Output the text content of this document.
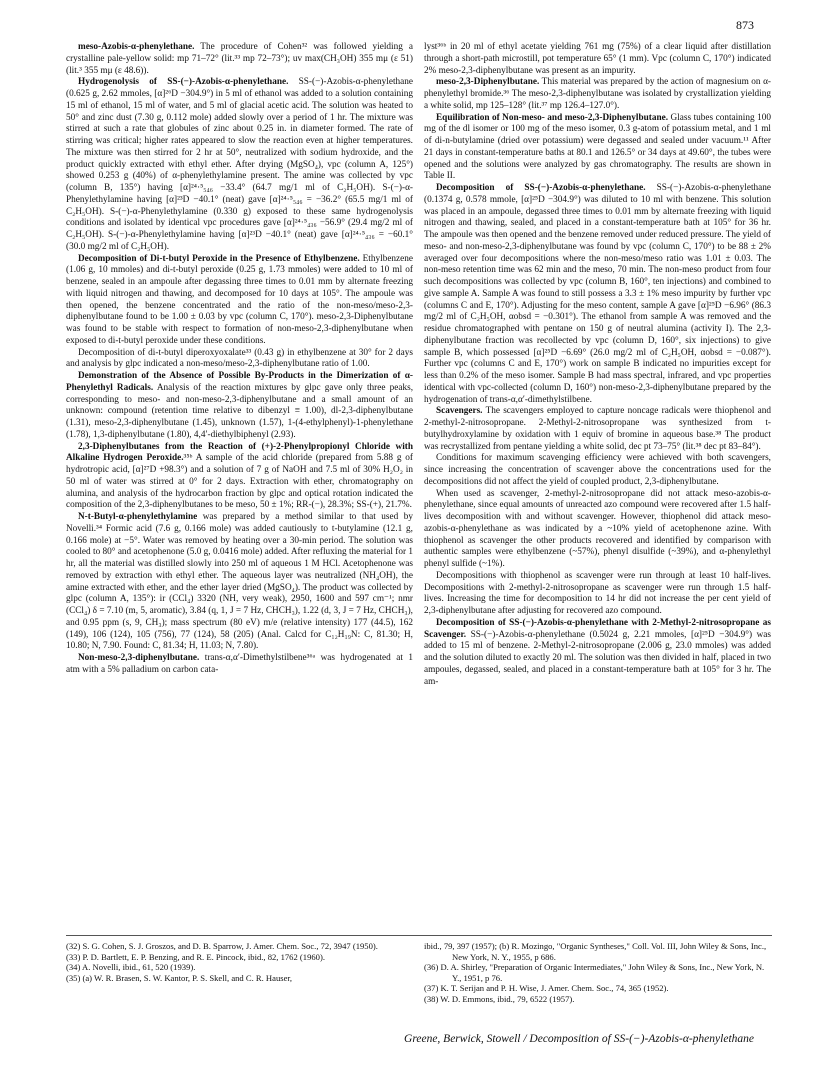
873

meso-Azobis-α-phenylethane. The procedure of Cohen³² was followed yielding a crystalline pale-yellow solid: mp 71–72° (lit.³³ mp 72–73°); uv max(CH₃OH) 355 mμ (ε 51) (lit.³ 355 mμ (ε 48.6)).

Hydrogenolysis of SS-(−)-Azobis-α-phenylethane. SS-(−)-Azobis-α-phenylethane (0.625 g, 2.62 mmoles, [α]²⁶D −304.9°) in 5 ml of ethanol was added to a solution containing 15 ml of ethanol, 15 ml of water, and 5 ml of glacial acetic acid. The solution was heated to 50° and zinc dust (7.30 g, 0.112 mole) added slowly over a period of 1 hr. The mixture was stirred at such a rate that globules of zinc about 0.25 in. in diameter formed. The rate of stirring was critical; higher rates appeared to slow the reaction even at higher temperatures. The mixture was then stirred for 2 hr at 50°, neutralized with sodium hydroxide, and the product quickly extracted with ethyl ether. After drying (MgSO₄), vpc (column A, 125°) showed 0.253 g (40%) of α-phenylethylamine present. The amine was collected by vpc (column B, 135°) having [α]²⁴·⁵₅₄₆ −33.4° (64.7 mg/1 ml of C₂H₅OH). S-(−)-α-Phenylethylamine having [α]²³D −40.1° (neat) gave [α]²⁴·⁵₅₄₆ = −36.2° (65.5 mg/1 ml of C₂H₅OH). S-(−)-α-Phenylethylamine (0.330 g) exposed to these same hydrogenolysis conditions and isolated by identical vpc procedures gave [α]²⁴·⁵₄₃₆ −56.9° (29.4 mg/2 ml of C₂H₅OH). S-(−)-α-Phenylethylamine having [α]²³D −40.1° (neat) gave [α]²⁴·⁵₄₃₆ = −60.1° (30.0 mg/2 ml of C₂H₅OH).

Decomposition of Di-t-butyl Peroxide in the Presence of Ethylbenzene. Ethylbenzene (1.06 g, 10 mmoles) and di-t-butyl peroxide (0.25 g, 1.73 mmoles) were added to 10 ml of benzene, sealed in an ampoule after degassing three times to 0.01 mm by alternate freezing with liquid nitrogen and thawing, and decomposed for 10 days at 105°. The ampoule was then opened, the benzene concentrated and the ratio of the non-meso/meso-2,3-diphenylbutane found to be 1.00 ± 0.03 by vpc (column C, 170°). meso-2,3-Diphenylbutane was found to be stable with respect to formation of non-meso-2,3-diphenylbutane when exposed to di-t-butyl peroxide under these conditions.

Decomposition of di-t-butyl diperoxyoxalate³³ (0.43 g) in ethylbenzene at 30° for 2 days and analysis by glpc indicated a non-meso/meso-2,3-diphenylbutane ratio of 1.00.

Demonstration of the Absence of Possible By-Products in the Dimerization of α-Phenylethyl Radicals. Analysis of the reaction mixtures by glpc gave only three peaks, corresponding to meso- and non-meso-2,3-diphenylbutane and a small amount of an unknown: compound (retention time relative to dibenzyl ≡ 1.00), dl-2,3-diphenylbutane (1.31), meso-2,3-diphenylbutane (1.45), unknown (1.57), 1-(4-ethylphenyl)-1-phenylethane (1.78), 1,3-diphenylbutane (1.80), 4,4′-diethylbiphenyl (2.93).

2,3-Diphenylbutanes from the Reaction of (+)-2-Phenylpropionyl Chloride with Alkaline Hydrogen Peroxide.³⁵ᵇ A sample of the acid chloride (prepared from 5.88 g of hydrotropic acid, [α]²⁷D +98.3°) and a solution of 7 g of NaOH and 7.5 ml of 30% H₂O₂ in 50 ml of water was stirred at 0° for 2 days. Extraction with ether, chromatography on alumina, and analysis of the hydrocarbon fraction by glpc and optical rotation indicated the composition of the 2,3-diphenylbutanes to be meso, 50 ± 1%; RR-(−), 28.3%; SS-(+), 21.7%.

N-t-Butyl-α-phenylethylamine was prepared by a method similar to that used by Novelli.³⁴ Formic acid (7.6 g, 0.166 mole) was added cautiously to t-butylamine (12.1 g, 0.166 mole) at −5°. Water was removed by heating over a 30-min period. The solution was cooled to 80° and acetophenone (5.0 g, 0.0416 mole) added. After refluxing the material for 1 hr, all the material was distilled slowly into 250 ml of aqueous 1 M HCl. Acetophenone was removed by extraction with ethyl ether. The aqueous layer was neutralized (NH₄OH), the amine extracted with ether, and the ether layer dried (MgSO₄). The product was collected by glpc (column A, 135°): ir (CCl₄) 3320 (NH, very weak), 2950, 1600 and 597 cm⁻¹; nmr (CCl₄) δ = 7.10 (m, 5, aromatic), 3.84 (q, 1, J = 7 Hz, CHCH₃), 1.22 (d, 3, J = 7 Hz, CHCH₃), and 0.95 ppm (s, 9, CH₃); mass spectrum (80 eV) m/e (relative intensity) 177 (44.5), 162 (149), 106 (124), 105 (756), 77 (124), 58 (205) (Anal. Calcd for C₁₂H₁₉N: C, 81.30; H, 10.80; N, 7.90. Found: C, 81.34; H, 11.03; N, 7.80).

Non-meso-2,3-diphenylbutane. trans-α,α′-Dimethylstilbene³⁶ᵃ was hydrogenated at 1 atm with a 5% palladium on carbon cata-

lyst³⁶ᵇ in 20 ml of ethyl acetate yielding 761 mg (75%) of a clear liquid after distillation through a short-path microstill, pot temperature 65° (1 mm). Vpc (column C, 170°) indicated 2% meso-2,3-diphenylbutane was present as an impurity.

meso-2,3-Diphenylbutane. This material was prepared by the action of magnesium on α-phenylethyl bromide.³⁶ The meso-2,3-diphenylbutane was isolated by crystallization yielding a white solid, mp 125–128° (lit.³⁷ mp 126.4–127.0°).

Equilibration of Non-meso- and meso-2,3-Diphenylbutane. Glass tubes containing 100 mg of the dl isomer or 100 mg of the meso isomer, 0.3 g-atom of potassium metal, and 1 ml of di-n-butylamine (dried over potassium) were degassed and sealed under vacuum.¹¹ After 21 days in constant-temperature baths at 80.1 and 126.5° or 34 days at 49.60°, the tubes were opened and the solutions were analyzed by gas chromatography. The results are shown in Table II.

Decomposition of SS-(−)-Azobis-α-phenylethane. SS-(−)-Azobis-α-phenylethane (0.1374 g, 0.578 mmole, [α]²⁵D −304.9°) was diluted to 10 ml with benzene. This solution was placed in an ampoule, degassed three times to 0.01 mm by alternate freezing with liquid nitrogen and thawing, sealed, and placed in a constant-temperature bath at 105° for 36 hr. The ampoule was then opened and the benzene removed under reduced pressure. The yield of meso- and non-meso-2,3-diphenylbutane was found by vpc (column C, 170°) to be 88 ± 2% averaged over four decompositions where the non-meso/meso ratio was 1.01 ± 0.03. The non-meso retention time was 62 min and the meso, 70 min. The non-meso product from four such decompositions was collected by vpc (column B, 160°, ten injections) and combined to give sample A. Sample A was found to still possess a 3.3 ± 1% meso impurity by further vpc (columns C and E, 170°). Adjusting for the meso content, sample A gave [α]²⁵D −6.96° (86.3 mg/2 ml of C₂H₅OH, αobsd = −0.301°). The ethanol from sample A was removed and the residue chromatographed with pentane on 150 g of neutral alumina (activity I). The 2,3-diphenylbutane fraction was recollected by vpc (column D, 160°, six injections) to give sample B, which possessed [α]²⁵D −6.69° (26.0 mg/2 ml of C₂H₅OH, αobsd = −0.087°). Further vpc (columns C and E, 170°) work on sample B indicated no impurities except for less than 0.2% of the meso isomer. Sample B had mass spectral, infrared, and vpc properties identical with vpc-collected (column D, 160°) non-meso-2,3-diphenylbutane prepared by the hydrogenation of trans-α,α′-dimethylstilbene.

Scavengers. The scavengers employed to capture noncage radicals were thiophenol and 2-methyl-2-nitrosopropane. 2-Methyl-2-nitrosopropane was synthesized from t-butylhydroxylamine by oxidation with 1 equiv of bromine in aqueous base.³⁸ The product was recrystallized from pentane yielding a white solid, dec pt 73–75° (lit.³⁸ dec pt 83–84°).

Conditions for maximum scavenging efficiency were achieved with both scavengers, since increasing the concentration of scavenger above the concentrations used for the decompositions did not affect the yield of coupled product, 2,3-diphenylbutane.

When used as scavenger, 2-methyl-2-nitrosopropane did not attack meso-azobis-α-phenylethane, since equal amounts of unreacted azo compound were recovered after 1.5 half-lives decomposition with and without scavenger. However, thiophenol did attack meso-azobis-α-phenylethane as was indicated by a ~10% yield of acetophenone azine. With thiophenol as scavenger the other products recovered and identified by comparison with authentic samples were ethylbenzene (~57%), phenyl disulfide (~39%), and α-phenylethyl phenyl sulfide (~1%).

Decompositions with thiophenol as scavenger were run through at least 10 half-lives. Decompositions with 2-methyl-2-nitrosopropane as scavenger were run through 1.5 half-lives. Increasing the time for decomposition to 14 hr did not increase the per cent yield of 2,3-diphenylbutane after adjusting for recovered azo compound.

Decomposition of SS-(−)-Azobis-α-phenylethane with 2-Methyl-2-nitrosopropane as Scavenger. SS-(−)-Azobis-α-phenylethane (0.5024 g, 2.21 mmoles, [α]²⁵D −304.9°) was added to 15 ml of benzene. 2-Methyl-2-nitrosopropane (2.006 g, 23.0 mmoles) was added and the solution diluted to exactly 20 ml. The solution was then divided in half, placed in two ampoules, degassed, sealed, and placed in a constant-temperature bath at 105° for 3 hr. The am-

(32) S. G. Cohen, S. J. Groszos, and D. B. Sparrow, J. Amer. Chem. Soc., 72, 3947 (1950).

(33) P. D. Bartlett, E. P. Benzing, and R. E. Pincock, ibid., 82, 1762 (1960).

(34) A. Novelli, ibid., 61, 520 (1939).

(35) (a) W. R. Brasen, S. W. Kantor, P. S. Skell, and C. R. Hauser,

ibid., 79, 397 (1957); (b) R. Mozingo, "Organic Syntheses," Coll. Vol. III, John Wiley & Sons, Inc., New York, N. Y., 1955, p 686.

(36) D. A. Shirley, "Preparation of Organic Intermediates," John Wiley & Sons, Inc., New York, N. Y., 1951, p 76.

(37) K. T. Serijan and P. H. Wise, J. Amer. Chem. Soc., 74, 365 (1952).

(38) W. D. Emmons, ibid., 79, 6522 (1957).

Greene, Berwick, Stowell / Decomposition of SS-(−)-Azobis-α-phenylethane
